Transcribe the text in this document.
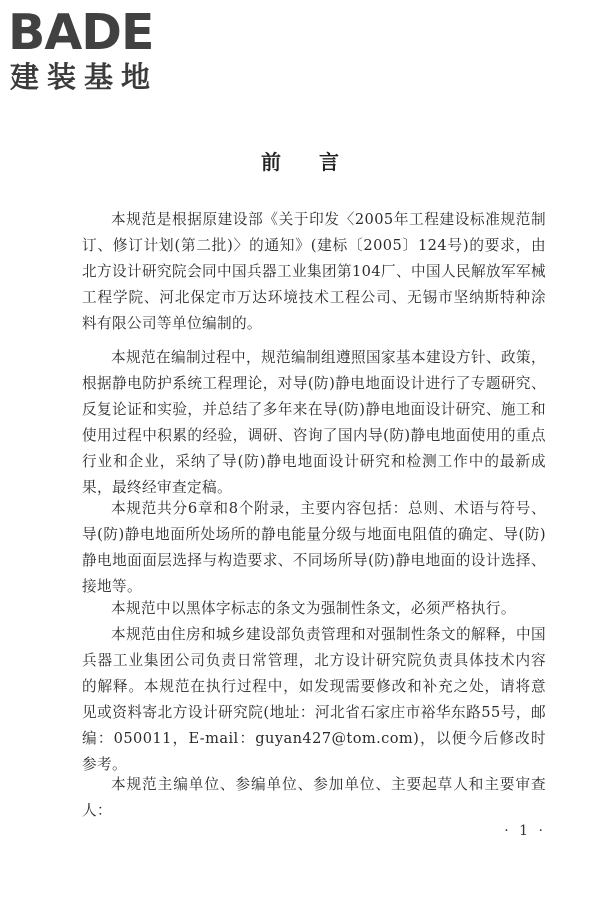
BADE
建装基地
前言

本规范是根据原建设部《关于印发〈2005年工程建设标准规范制订、修订计划(第二批)〉的通知》(建标〔2005〕124号)的要求，由北方设计研究院会同中国兵器工业集团第104厂、中国人民解放军军械工程学院、河北保定市万达环境技术工程公司、无锡市坚纳斯特种涂料有限公司等单位编制的。

本规范在编制过程中，规范编制组遵照国家基本建设方针、政策，根据静电防护系统工程理论，对导(防)静电地面设计进行了专题研究、反复论证和实验，并总结了多年来在导(防)静电地面设计研究、施工和使用过程中积累的经验，调研、咨询了国内导(防)静电地面使用的重点行业和企业，采纳了导(防)静电地面设计研究和检测工作中的最新成果，最终经审查定稿。

本规范共分6章和8个附录，主要内容包括：总则、术语与符号、导(防)静电地面所处场所的静电能量分级与地面电阻值的确定、导(防)静电地面面层选择与构造要求、不同场所导(防)静电地面的设计选择、接地等。

本规范中以黑体字标志的条文为强制性条文，必须严格执行。

本规范由住房和城乡建设部负责管理和对强制性条文的解释，中国兵器工业集团公司负责日常管理，北方设计研究院负责具体技术内容的解释。本规范在执行过程中，如发现需要修改和补充之处，请将意见或资料寄北方设计研究院(地址：河北省石家庄市裕华东路55号，邮编：050011，E-mail：guyan427@tom.com)，以便今后修改时参考。

本规范主编单位、参编单位、参加单位、主要起草人和主要审查人：

· 1 ·
